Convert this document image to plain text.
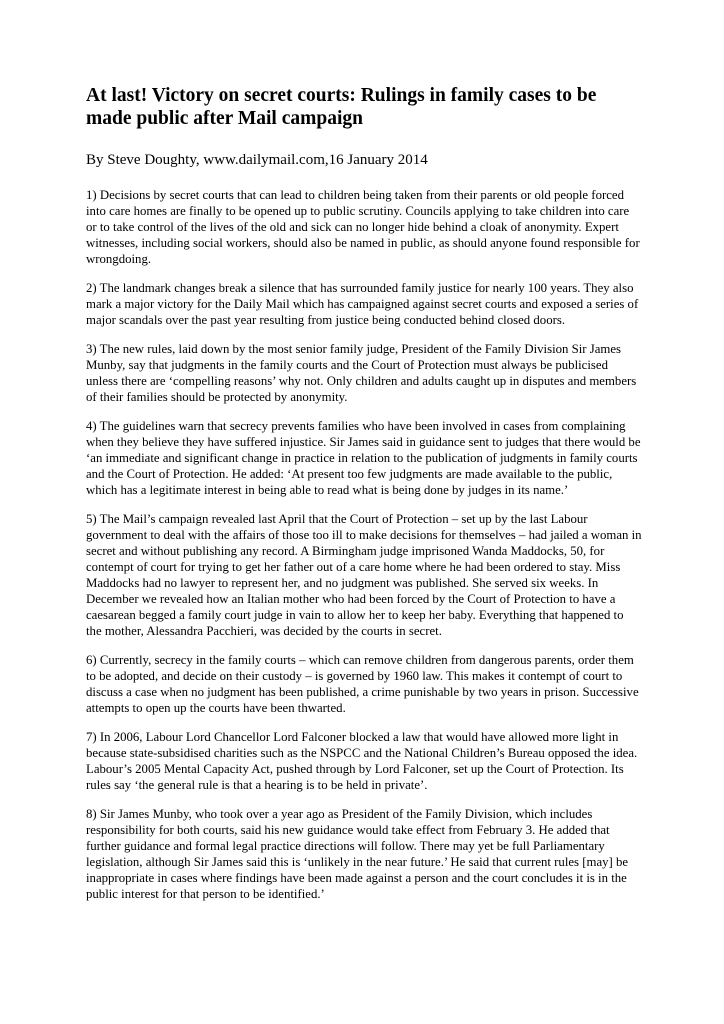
At last! Victory on secret courts: Rulings in family cases to be made public after Mail campaign

By Steve Doughty, www.dailymail.com,16 January 2014

1) Decisions by secret courts that can lead to children being taken from their parents or old people forced into care homes are finally to be opened up to public scrutiny. Councils applying to take children into care or to take control of the lives of the old and sick can no longer hide behind a cloak of anonymity. Expert witnesses, including social workers, should also be named in public, as should anyone found responsible for wrongdoing.

2) The landmark changes break a silence that has surrounded family justice for nearly 100 years. They also mark a major victory for the Daily Mail which has campaigned against secret courts and exposed a series of major scandals over the past year resulting from justice being conducted behind closed doors.

3) The new rules, laid down by the most senior family judge, President of the Family Division Sir James Munby, say that judgments in the family courts and the Court of Protection must always be publicised unless there are ‘compelling reasons’ why not. Only children and adults caught up in disputes and members of their families should be protected by anonymity.

4) The guidelines warn that secrecy prevents families who have been involved in cases from complaining when they believe they have suffered injustice. Sir James said in guidance sent to judges that there would be ‘an immediate and significant change in practice in relation to the publication of judgments in family courts and the Court of Protection. He added: ‘At present too few judgments are made available to the public, which has a legitimate interest in being able to read what is being done by judges in its name.’

5) The Mail’s campaign revealed last April that the Court of Protection – set up by the last Labour government to deal with the affairs of those too ill to make decisions for themselves – had jailed a woman in secret and without publishing any record. A Birmingham judge imprisoned Wanda Maddocks, 50, for contempt of court for trying to get her father out of a care home where he had been ordered to stay. Miss Maddocks had no lawyer to represent her, and no judgment was published. She served six weeks. In December we revealed how an Italian mother who had been forced by the Court of Protection to have a caesarean begged a family court judge in vain to allow her to keep her baby. Everything that happened to the mother, Alessandra Pacchieri, was decided by the courts in secret.

6) Currently, secrecy in the family courts – which can remove children from dangerous parents, order them to be adopted, and decide on their custody – is governed by 1960 law. This makes it contempt of court to discuss a case when no judgment has been published, a crime punishable by two years in prison. Successive attempts to open up the courts have been thwarted.

7) In 2006, Labour Lord Chancellor Lord Falconer blocked a law that would have allowed more light in because state-subsidised charities such as the NSPCC and the National Children’s Bureau opposed the idea. Labour’s 2005 Mental Capacity Act, pushed through by Lord Falconer, set up the Court of Protection. Its rules say ‘the general rule is that a hearing is to be held in private’.

8) Sir James Munby, who took over a year ago as President of the Family Division, which includes responsibility for both courts, said his new guidance would take effect from February 3. He added that further guidance and formal legal practice directions will follow. There may yet be full Parliamentary legislation, although Sir James said this is ‘unlikely in the near future.’ He said that current rules [may] be inappropriate in cases where findings have been made against a person and the court concludes it is in the public interest for that person to be identified.’
